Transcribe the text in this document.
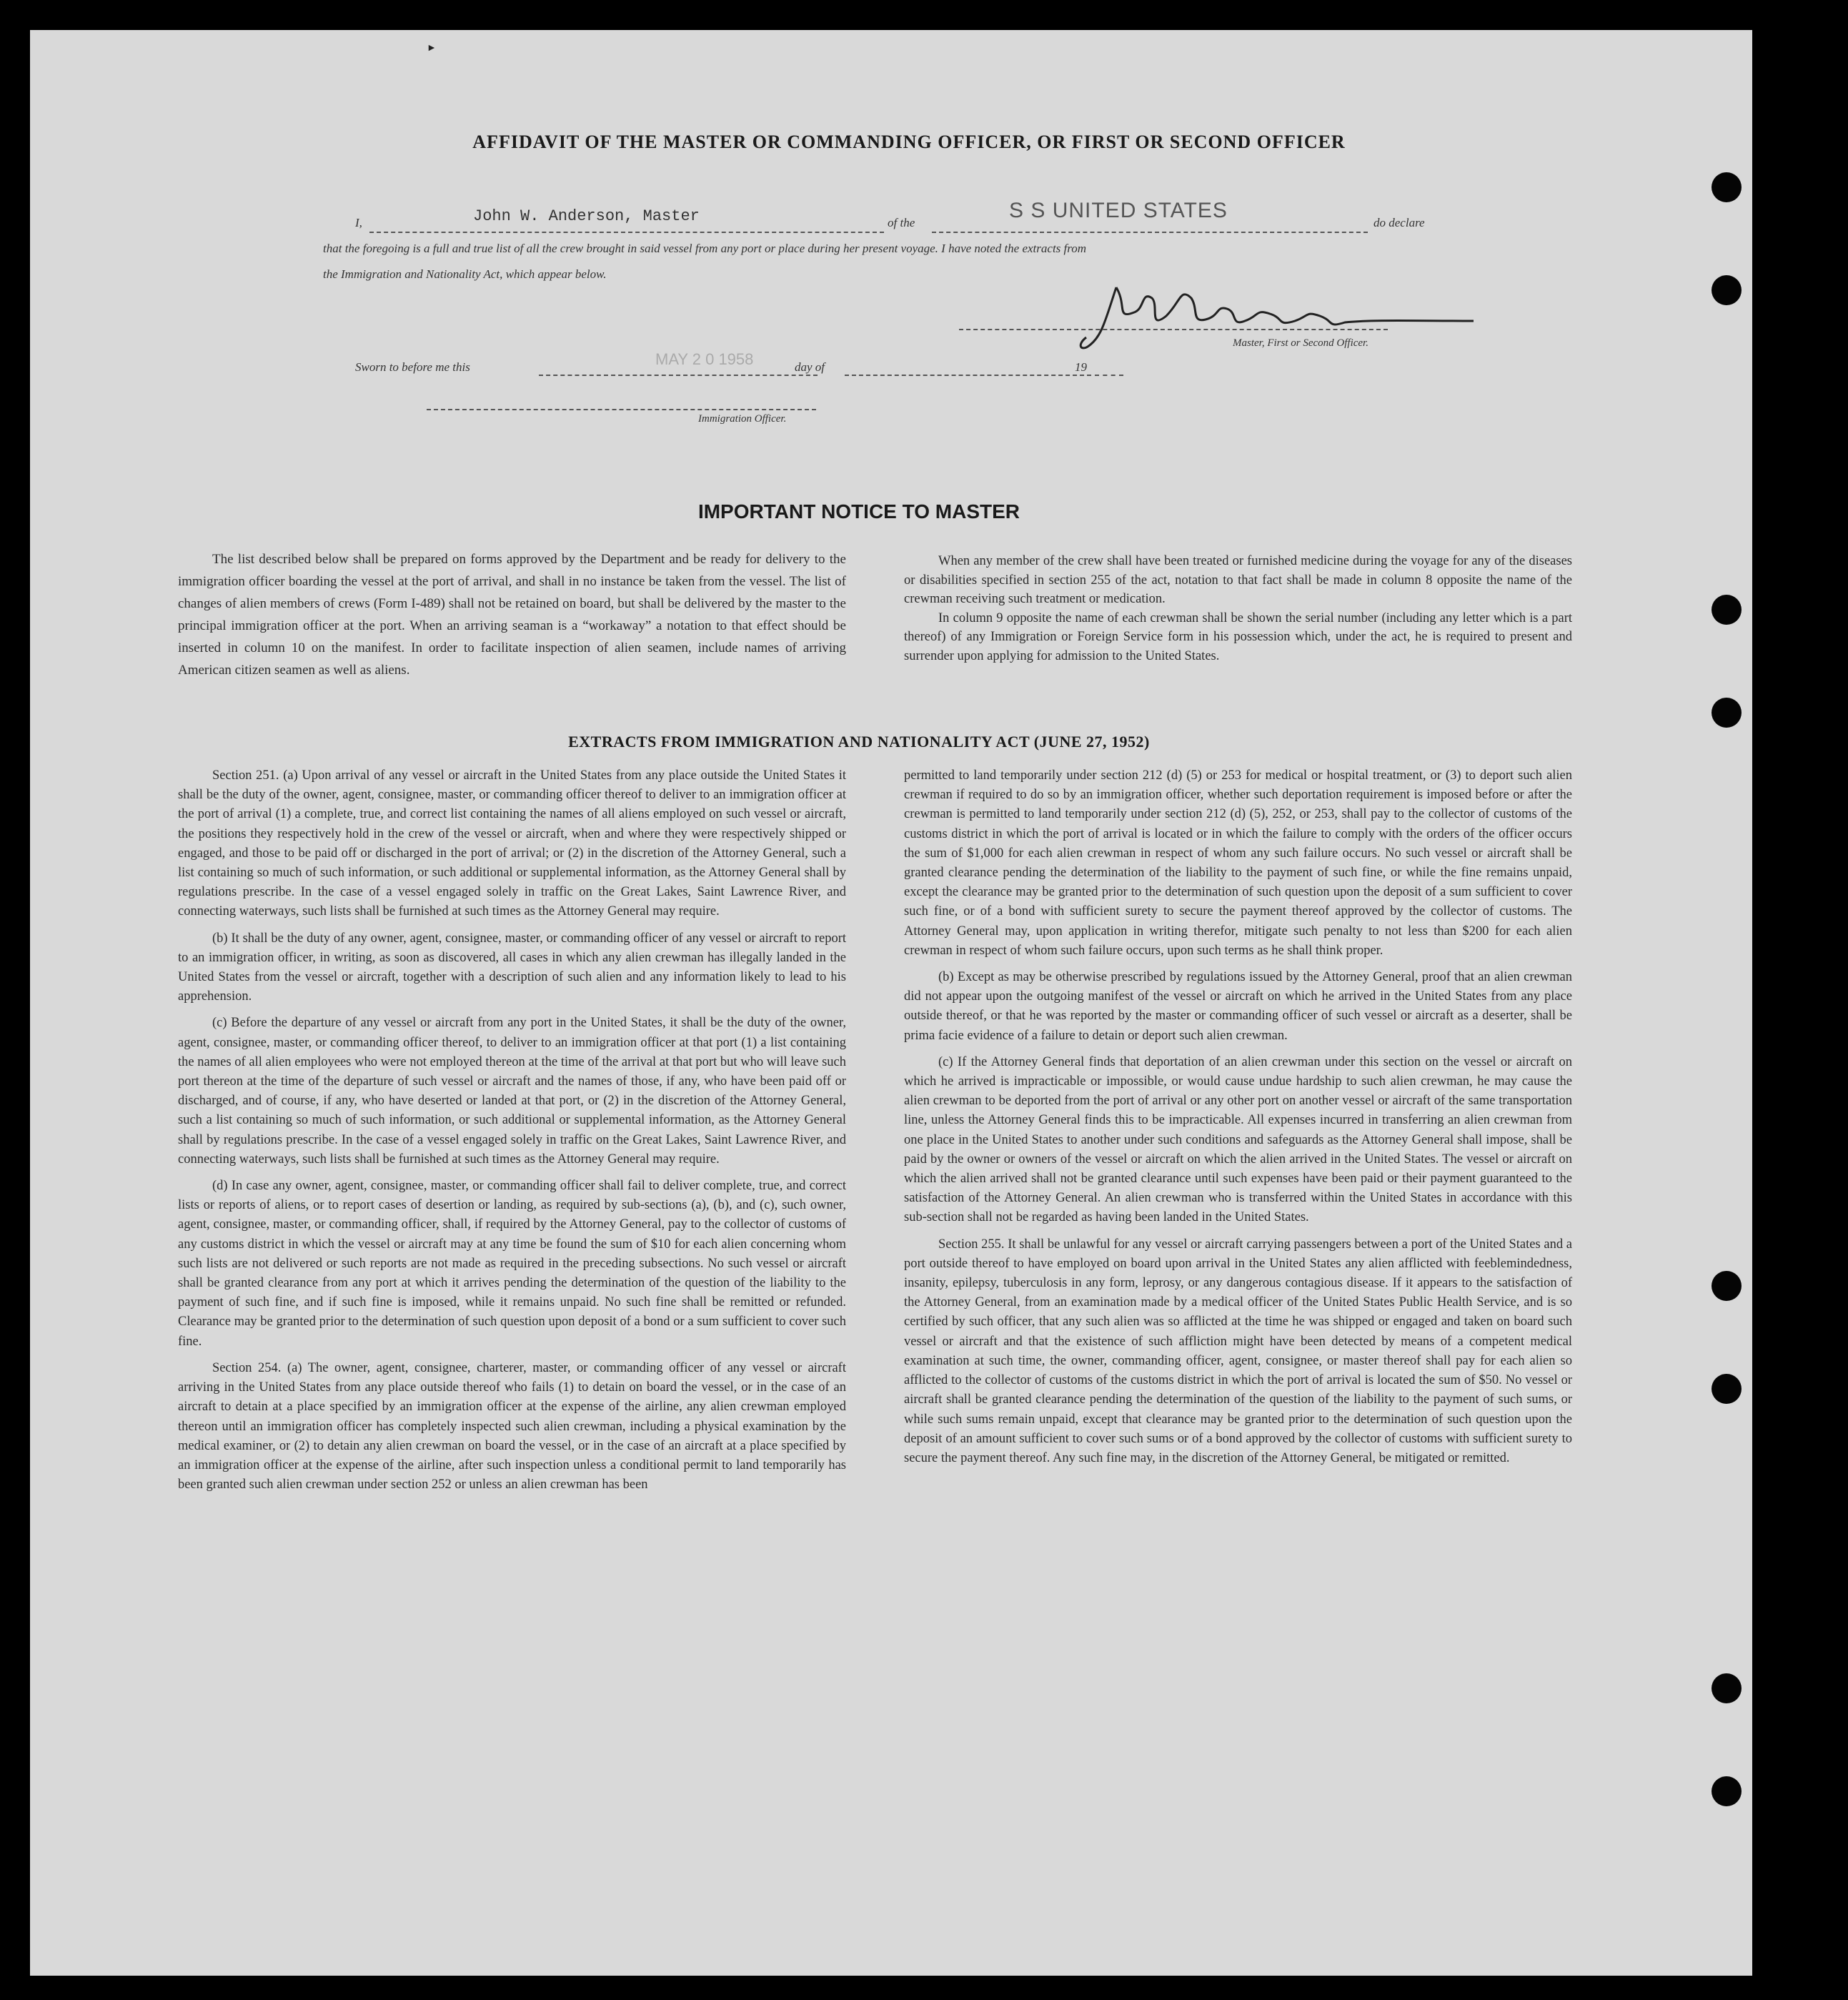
►
AFFIDAVIT OF THE MASTER OR COMMANDING OFFICER, OR FIRST OR SECOND OFFICER
I,	John W. Anderson, Master	of the
S S UNITED STATES
do declare
that the foregoing is a full and true list of all the crew brought in said vessel from any port or place during her present voyage. I have noted the extracts from
the Immigration and Nationality Act, which appear below.
Master, First or Second Officer.
Sworn to before me this	MAY 2 0 1958	day of	19
Immigration Officer.
IMPORTANT NOTICE TO MASTER

The list described below shall be prepared on forms approved by the Department and be ready for delivery to the immigration officer boarding the vessel at the port of arrival, and shall in no instance be taken from the vessel. The list of changes of alien members of crews (Form I-489) shall not be retained on board, but shall be delivered by the master to the principal immigration officer at the port. When an arriving seaman is a “workaway” a notation to that effect should be inserted in column 10 on the manifest. In order to facilitate inspection of alien seamen, include names of arriving American citizen seamen as well as aliens.

When any member of the crew shall have been treated or furnished medicine during the voyage for any of the diseases or disabilities specified in section 255 of the act, notation to that fact shall be made in column 8 opposite the name of the crewman receiving such treatment or medication.

In column 9 opposite the name of each crewman shall be shown the serial number (including any letter which is a part thereof) of any Immigration or Foreign Service form in his possession which, under the act, he is required to present and surrender upon applying for admission to the United States.

EXTRACTS FROM IMMIGRATION AND NATIONALITY ACT (JUNE 27, 1952)

Section 251. (a) Upon arrival of any vessel or aircraft in the United States from any place outside the United States it shall be the duty of the owner, agent, consignee, master, or commanding officer thereof to deliver to an immigration officer at the port of arrival (1) a complete, true, and correct list containing the names of all aliens employed on such vessel or aircraft, the positions they respectively hold in the crew of the vessel or aircraft, when and where they were respectively shipped or engaged, and those to be paid off or discharged in the port of arrival; or (2) in the discretion of the Attorney General, such a list containing so much of such information, or such additional or supplemental information, as the Attorney General shall by regulations prescribe. In the case of a vessel engaged solely in traffic on the Great Lakes, Saint Lawrence River, and connecting waterways, such lists shall be furnished at such times as the Attorney General may require.

(b) It shall be the duty of any owner, agent, consignee, master, or commanding officer of any vessel or aircraft to report to an immigration officer, in writing, as soon as discovered, all cases in which any alien crewman has illegally landed in the United States from the vessel or aircraft, together with a description of such alien and any information likely to lead to his apprehension.

(c) Before the departure of any vessel or aircraft from any port in the United States, it shall be the duty of the owner, agent, consignee, master, or commanding officer thereof, to deliver to an immigration officer at that port (1) a list containing the names of all alien employees who were not employed thereon at the time of the arrival at that port but who will leave such port thereon at the time of the departure of such vessel or aircraft and the names of those, if any, who have been paid off or discharged, and of course, if any, who have deserted or landed at that port, or (2) in the discretion of the Attorney General, such a list containing so much of such information, or such additional or supplemental information, as the Attorney General shall by regulations prescribe. In the case of a vessel engaged solely in traffic on the Great Lakes, Saint Lawrence River, and connecting waterways, such lists shall be furnished at such times as the Attorney General may require.

(d) In case any owner, agent, consignee, master, or commanding officer shall fail to deliver complete, true, and correct lists or reports of aliens, or to report cases of desertion or landing, as required by sub-sections (a), (b), and (c), such owner, agent, consignee, master, or commanding officer, shall, if required by the Attorney General, pay to the collector of customs of any customs district in which the vessel or aircraft may at any time be found the sum of $10 for each alien concerning whom such lists are not delivered or such reports are not made as required in the preceding subsections. No such vessel or aircraft shall be granted clearance from any port at which it arrives pending the determination of the question of the liability to the payment of such fine, and if such fine is imposed, while it remains unpaid. No such fine shall be remitted or refunded. Clearance may be granted prior to the determination of such question upon deposit of a bond or a sum sufficient to cover such fine.

Section 254. (a) The owner, agent, consignee, charterer, master, or commanding officer of any vessel or aircraft arriving in the United States from any place outside thereof who fails (1) to detain on board the vessel, or in the case of an aircraft to detain at a place specified by an immigration officer at the expense of the airline, any alien crewman employed thereon until an immigration officer has completely inspected such alien crewman, including a physical examination by the medical examiner, or (2) to detain any alien crewman on board the vessel, or in the case of an aircraft at a place specified by an immigration officer at the expense of the airline, after such inspection unless a conditional permit to land temporarily has been granted such alien crewman under section 252 or unless an alien crewman has been

permitted to land temporarily under section 212 (d) (5) or 253 for medical or hospital treatment, or (3) to deport such alien crewman if required to do so by an immigration officer, whether such deportation requirement is imposed before or after the crewman is permitted to land temporarily under section 212 (d) (5), 252, or 253, shall pay to the collector of customs of the customs district in which the port of arrival is located or in which the failure to comply with the orders of the officer occurs the sum of $1,000 for each alien crewman in respect of whom any such failure occurs. No such vessel or aircraft shall be granted clearance pending the determination of the liability to the payment of such fine, or while the fine remains unpaid, except the clearance may be granted prior to the determination of such question upon the deposit of a sum sufficient to cover such fine, or of a bond with sufficient surety to secure the payment thereof approved by the collector of customs. The Attorney General may, upon application in writing therefor, mitigate such penalty to not less than $200 for each alien crewman in respect of whom such failure occurs, upon such terms as he shall think proper.

(b) Except as may be otherwise prescribed by regulations issued by the Attorney General, proof that an alien crewman did not appear upon the outgoing manifest of the vessel or aircraft on which he arrived in the United States from any place outside thereof, or that he was reported by the master or commanding officer of such vessel or aircraft as a deserter, shall be prima facie evidence of a failure to detain or deport such alien crewman.

(c) If the Attorney General finds that deportation of an alien crewman under this section on the vessel or aircraft on which he arrived is impracticable or impossible, or would cause undue hardship to such alien crewman, he may cause the alien crewman to be deported from the port of arrival or any other port on another vessel or aircraft of the same transportation line, unless the Attorney General finds this to be impracticable. All expenses incurred in transferring an alien crewman from one place in the United States to another under such conditions and safeguards as the Attorney General shall impose, shall be paid by the owner or owners of the vessel or aircraft on which the alien arrived in the United States. The vessel or aircraft on which the alien arrived shall not be granted clearance until such expenses have been paid or their payment guaranteed to the satisfaction of the Attorney General. An alien crewman who is transferred within the United States in accordance with this sub-section shall not be regarded as having been landed in the United States.

Section 255. It shall be unlawful for any vessel or aircraft carrying passengers between a port of the United States and a port outside thereof to have employed on board upon arrival in the United States any alien afflicted with feeblemindedness, insanity, epilepsy, tuberculosis in any form, leprosy, or any dangerous contagious disease. If it appears to the satisfaction of the Attorney General, from an examination made by a medical officer of the United States Public Health Service, and is so certified by such officer, that any such alien was so afflicted at the time he was shipped or engaged and taken on board such vessel or aircraft and that the existence of such affliction might have been detected by means of a competent medical examination at such time, the owner, commanding officer, agent, consignee, or master thereof shall pay for each alien so afflicted to the collector of customs of the customs district in which the port of arrival is located the sum of $50. No vessel or aircraft shall be granted clearance pending the determination of the question of the liability to the payment of such sums, or while such sums remain unpaid, except that clearance may be granted prior to the determination of such question upon the deposit of an amount sufficient to cover such sums or of a bond approved by the collector of customs with sufficient surety to secure the payment thereof. Any such fine may, in the discretion of the Attorney General, be mitigated or remitted.
